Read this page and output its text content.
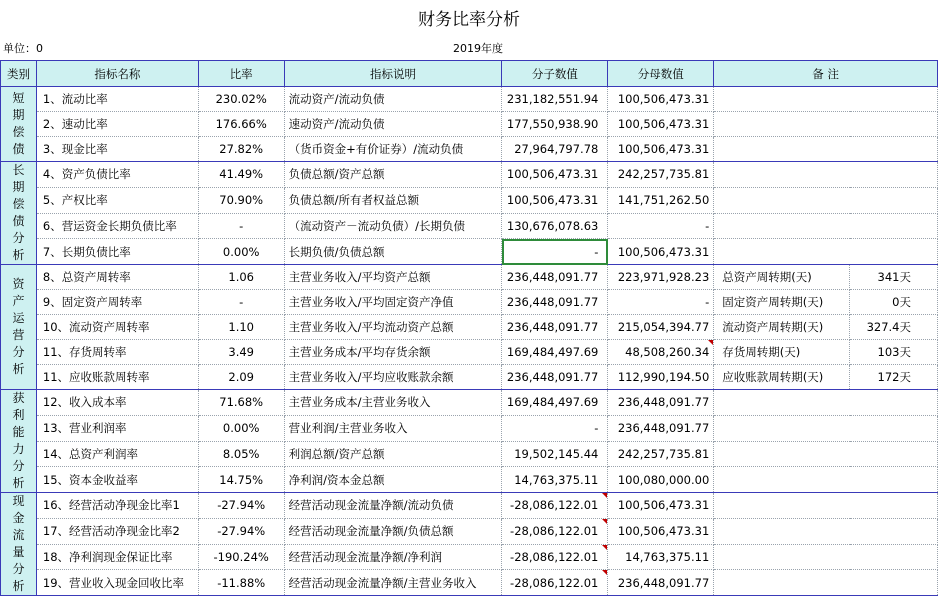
财务比率分析
单位：0	2019年度
类别	指标名称	比率	指标说明	分子数值	分母数值	备 注	
短期偿债	1、流动比率	230.02%	流动资产/流动负债	231,182,551.94	100,506,473.31		
	2、速动比率	176.66%	速动资产/流动负债	177,550,938.90	100,506,473.31		
	3、现金比率	27.82%	（货币资金+有价证券）/流动负债	27,964,797.78	100,506,473.31		
长期偿债分析	4、资产负债比率	41.49%	负债总额/资产总额	100,506,473.31	242,257,735.81		
	5、产权比率	70.90%	负债总额/所有者权益总额	100,506,473.31	141,751,262.50		
	6、营运资金长期负债比率	-	（流动资产－流动负债）/长期负债	130,676,078.63	-		
	7、长期负债比率	0.00%	长期负债/负债总额	-	100,506,473.31		
资产运营分析	8、总资产周转率	1.06	主营业务收入/平均资产总额	236,448,091.77	223,971,928.23	总资产周转期(天)	341天
	9、固定资产周转率	-	主营业务收入/平均固定资产净值	236,448,091.77	-	固定资产周转期(天)	0天
	10、流动资产周转率	1.10	主营业务收入/平均流动资产总额	236,448,091.77	215,054,394.77	流动资产周转期(天)	327.4天
	11、存货周转率	3.49	主营业务成本/平均存货余额	169,484,497.69	48,508,260.34	存货周转期(天)	103天
	11、应收账款周转率	2.09	主营业务收入/平均应收账款余额	236,448,091.77	112,990,194.50	应收账款周转期(天)	172天
获利能力分析	12、收入成本率	71.68%	主营业务成本/主营业务收入	169,484,497.69	236,448,091.77		
	13、营业利润率	0.00%	营业利润/主营业务收入	-	236,448,091.77		
	14、总资产利润率	8.05%	利润总额/资产总额	19,502,145.44	242,257,735.81		
	15、资本金收益率	14.75%	净利润/资本金总额	14,763,375.11	100,080,000.00		
现金流量分析	16、经营活动净现金比率1	-27.94%	经营活动现金流量净额/流动负债	-28,086,122.01	100,506,473.31		
	17、经营活动净现金比率2	-27.94%	经营活动现金流量净额/负债总额	-28,086,122.01	100,506,473.31		
	18、净利润现金保证比率	-190.24%	经营活动现金流量净额/净利润	-28,086,122.01	14,763,375.11		
	19、营业收入现金回收比率	-11.88%	经营活动现金流量净额/主营业务收入	-28,086,122.01	236,448,091.77		
